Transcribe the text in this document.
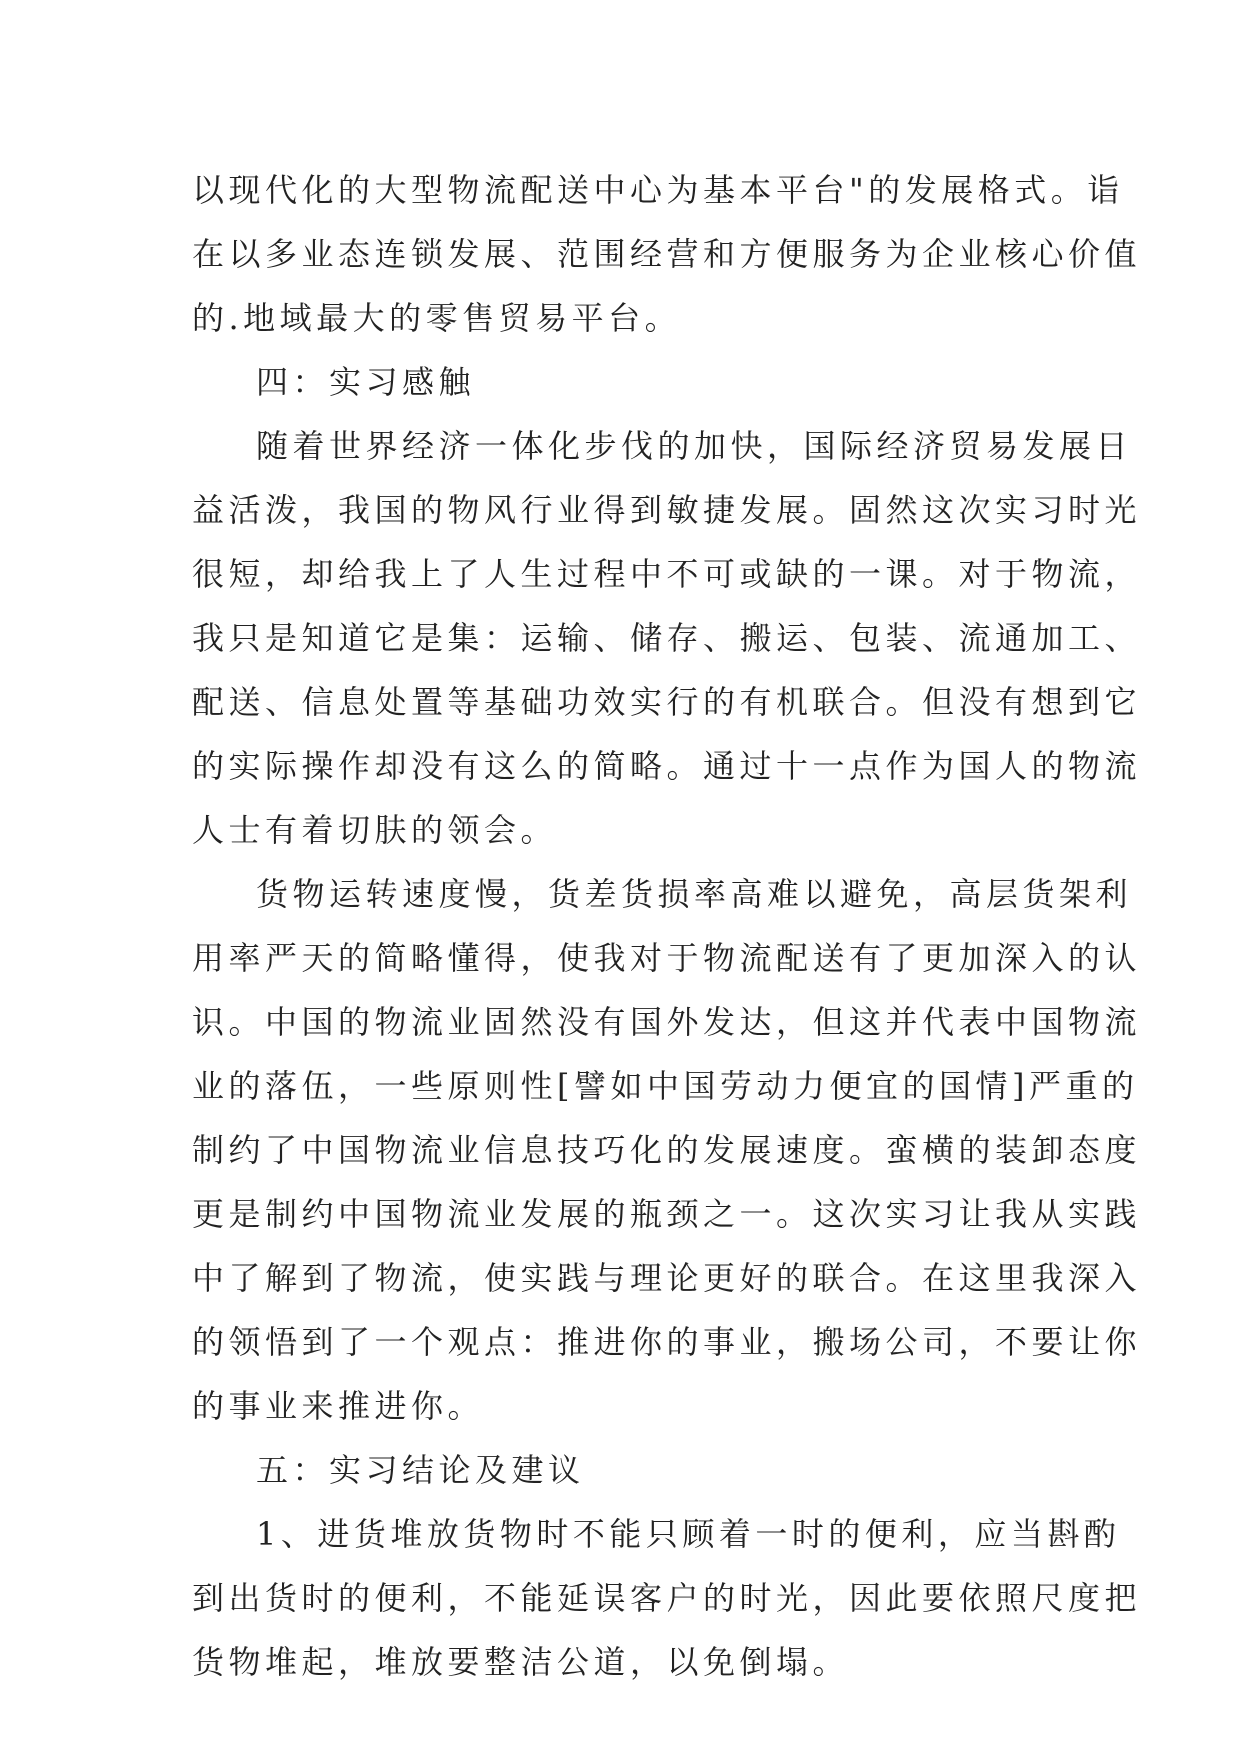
以现代化的大型物流配送中心为基本平台"的发展格式。诣
在以多业态连锁发展、范围经营和方便服务为企业核心价值
的.地域最大的零售贸易平台。
四：实习感触
随着世界经济一体化步伐的加快，国际经济贸易发展日
益活泼，我国的物风行业得到敏捷发展。固然这次实习时光
很短，却给我上了人生过程中不可或缺的一课。对于物流，
我只是知道它是集：运输、储存、搬运、包装、流通加工、
配送、信息处置等基础功效实行的有机联合。但没有想到它
的实际操作却没有这么的简略。通过十一点作为国人的物流
人士有着切肤的领会。
货物运转速度慢，货差货损率高难以避免，高层货架利
用率严天的简略懂得，使我对于物流配送有了更加深入的认
识。中国的物流业固然没有国外发达，但这并代表中国物流
业的落伍，一些原则性[譬如中国劳动力便宜的国情]严重的
制约了中国物流业信息技巧化的发展速度。蛮横的装卸态度
更是制约中国物流业发展的瓶颈之一。这次实习让我从实践
中了解到了物流，使实践与理论更好的联合。在这里我深入
的领悟到了一个观点：推进你的事业，搬场公司，不要让你
的事业来推进你。
五：实习结论及建议
1、进货堆放货物时不能只顾着一时的便利，应当斟酌
到出货时的便利，不能延误客户的时光，因此要依照尺度把
货物堆起，堆放要整洁公道，以免倒塌。
